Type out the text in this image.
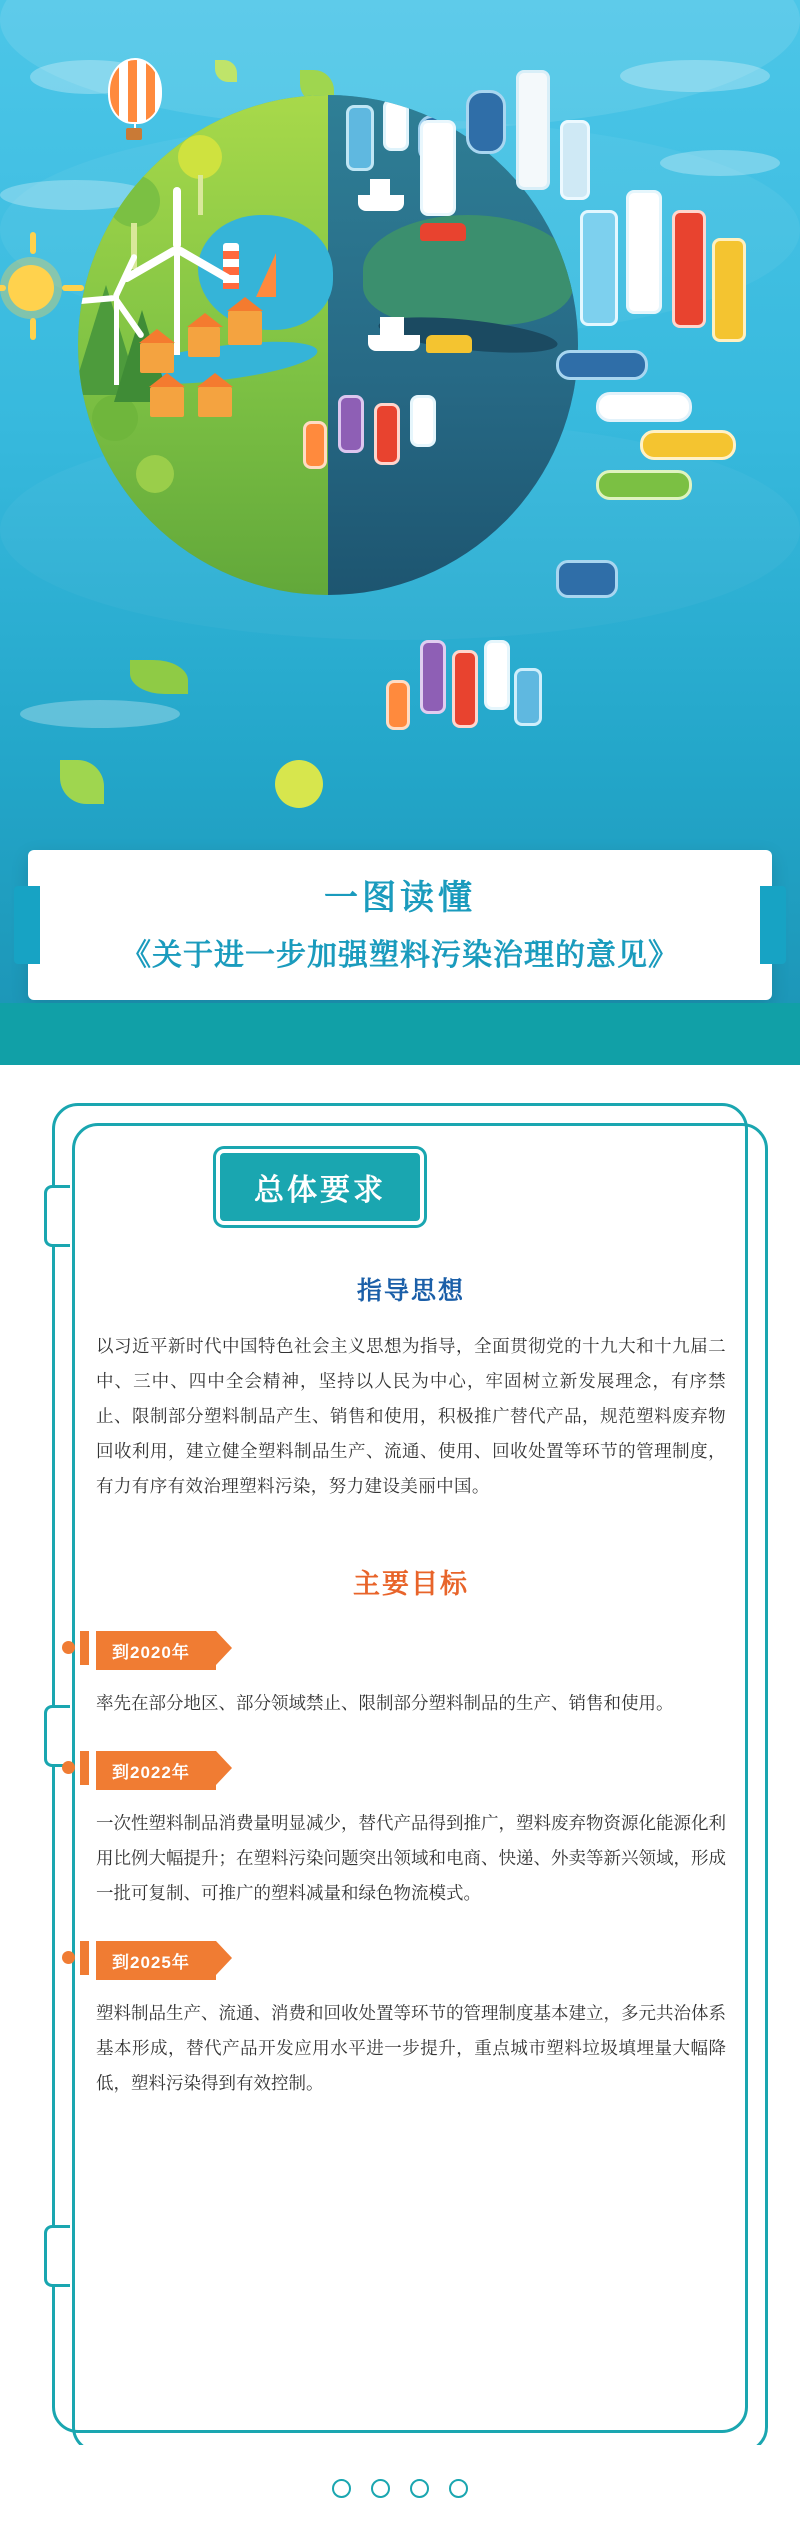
一图读懂
《关于进一步加强塑料污染治理的意见》
总体要求
指导思想
以习近平新时代中国特色社会主义思想为指导，全面贯彻党的十九大和十九届二中、三中、四中全会精神，坚持以人民为中心，牢固树立新发展理念，有序禁止、限制部分塑料制品产生、销售和使用，积极推广替代产品，规范塑料废弃物回收利用，建立健全塑料制品生产、流通、使用、回收处置等环节的管理制度，有力有序有效治理塑料污染，努力建设美丽中国。
主要目标
到2020年
率先在部分地区、部分领域禁止、限制部分塑料制品的生产、销售和使用。
到2022年
一次性塑料制品消费量明显减少，替代产品得到推广，塑料废弃物资源化能源化利用比例大幅提升；在塑料污染问题突出领域和电商、快递、外卖等新兴领域，形成一批可复制、可推广的塑料减量和绿色物流模式。
到2025年
塑料制品生产、流通、消费和回收处置等环节的管理制度基本建立，多元共治体系基本形成，替代产品开发应用水平进一步提升，重点城市塑料垃圾填埋量大幅降低，塑料污染得到有效控制。
